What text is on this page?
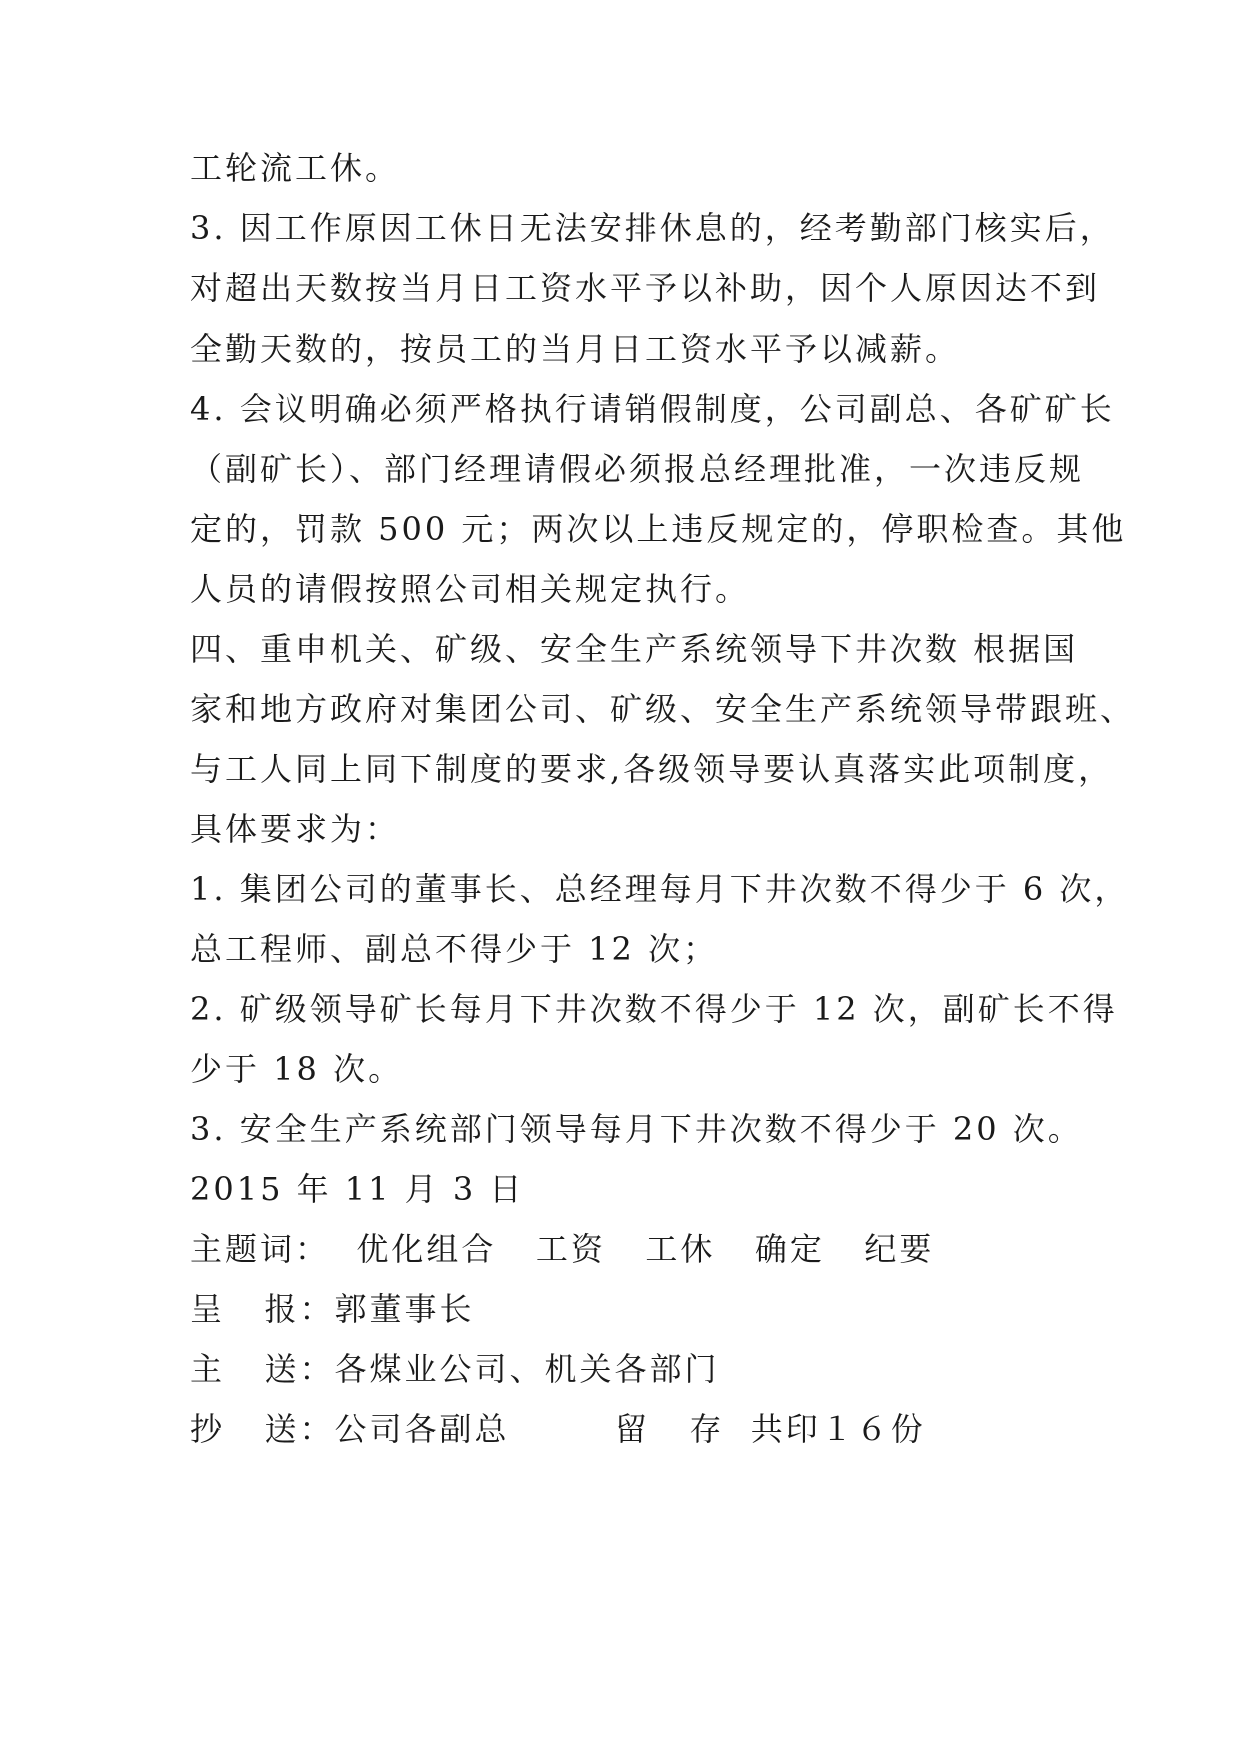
工轮流工休。
3. 因工作原因工休日无法安排休息的，经考勤部门核实后，
对超出天数按当月日工资水平予以补助，因个人原因达不到
全勤天数的，按员工的当月日工资水平予以减薪。
4. 会议明确必须严格执行请销假制度，公司副总、各矿矿长
（副矿长）、部门经理请假必须报总经理批准，一次违反规
定的，罚款 500 元；两次以上违反规定的，停职检查。其他
人员的请假按照公司相关规定执行。
四、重申机关、矿级、安全生产系统领导下井次数 根据国
家和地方政府对集团公司、矿级、安全生产系统领导带跟班、
与工人同上同下制度的要求,各级领导要认真落实此项制度，
具体要求为：
1. 集团公司的董事长、总经理每月下井次数不得少于 6 次，
总工程师、副总不得少于 12 次；
2. 矿级领导矿长每月下井次数不得少于 12 次，副矿长不得
少于 18 次。
3. 安全生产系统部门领导每月下井次数不得少于 20 次。
2015 年 11 月 3 日
主题词：  优化组合   工资   工休   确定   纪要
呈   报：郭董事长
主   送：各煤业公司、机关各部门
抄   送：公司各副总        留   存  共印１６份
